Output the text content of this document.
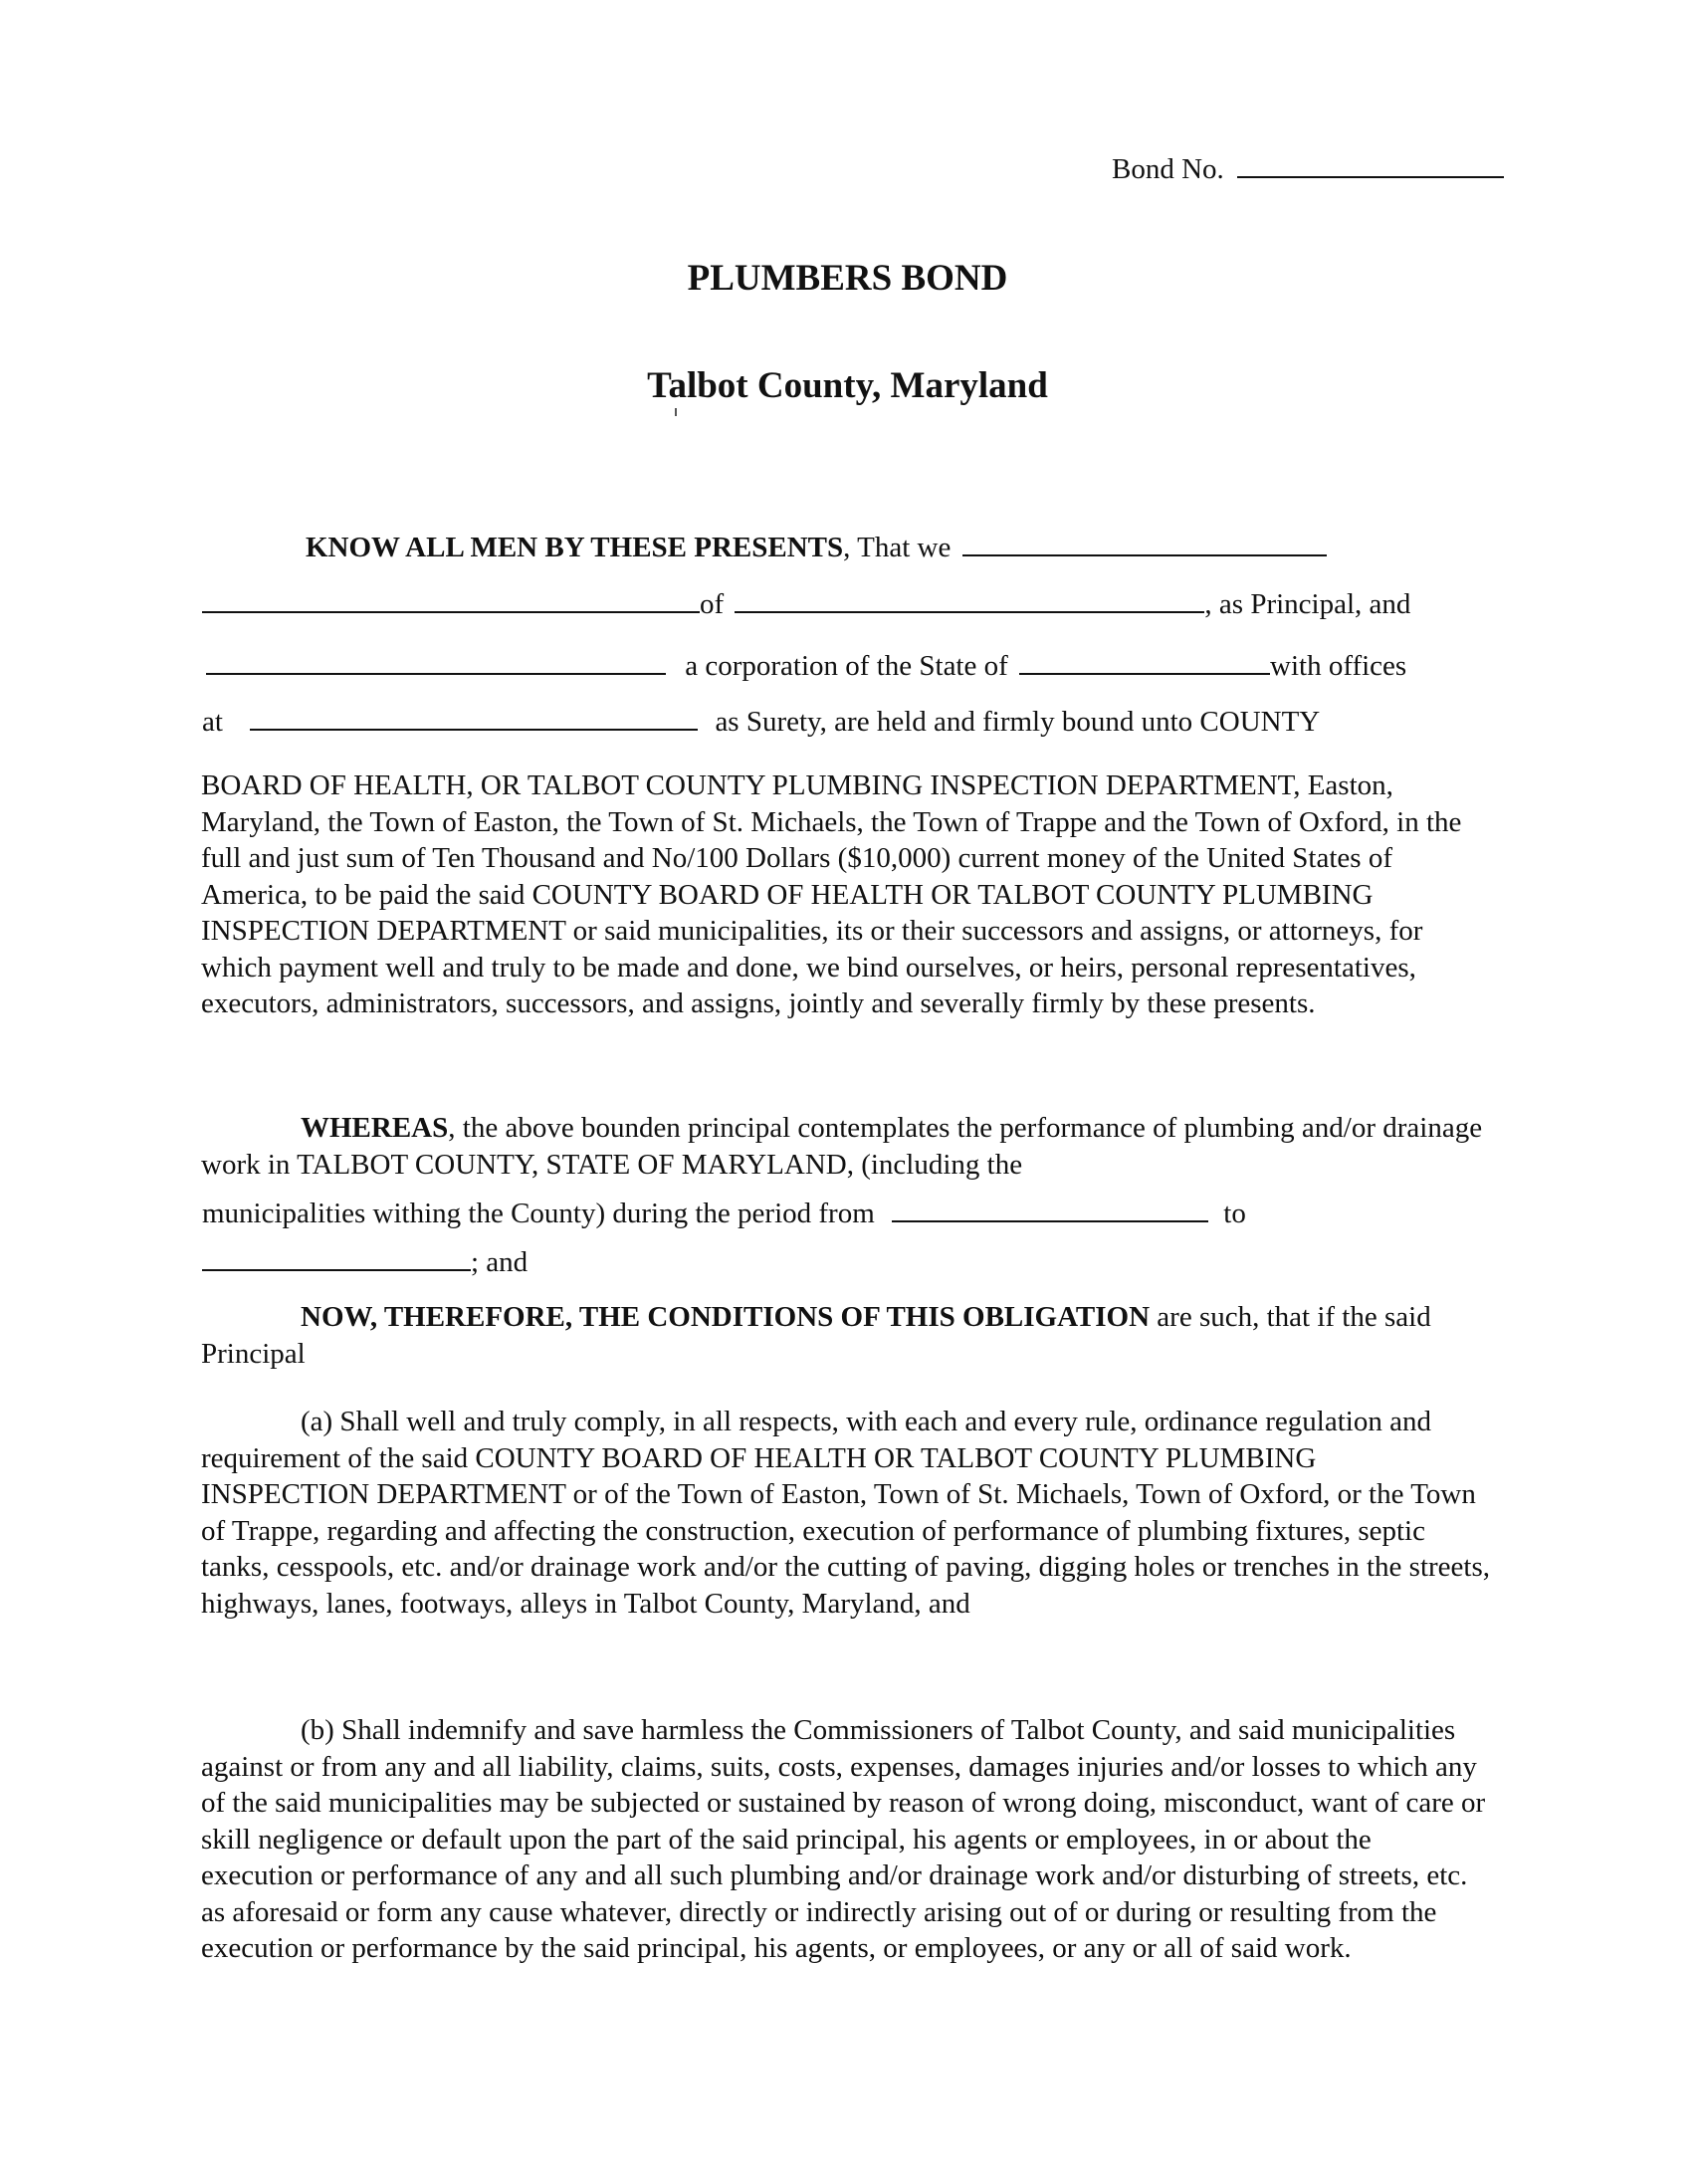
Bond No.
PLUMBERS BOND
Talbot County, Maryland
KNOW ALL MEN BY THESE PRESENTS, That we
of	, as Principal, and
a corporation of the State of	with offices
at	as Surety, are held and firmly bound unto COUNTY

BOARD OF HEALTH, OR TALBOT COUNTY PLUMBING INSPECTION DEPARTMENT, Easton, Maryland, the Town of Easton, the Town of St. Michaels, the Town of Trappe and the Town of Oxford, in the full and just sum of Ten Thousand and No/100 Dollars ($10,000) current money of the United States of America, to be paid the said COUNTY BOARD OF HEALTH OR TALBOT COUNTY PLUMBING INSPECTION DEPARTMENT or said municipalities, its or their successors and assigns, or attorneys, for which payment well and truly to be made and done, we bind ourselves, or heirs, personal representatives, executors, administrators, successors, and assigns, jointly and severally firmly by these presents.

WHEREAS, the above bounden principal contemplates the performance of plumbing and/or drainage work in TALBOT COUNTY, STATE OF MARYLAND, (including the

municipalities withing the County) during the period from	to
; and

NOW, THEREFORE, THE CONDITIONS OF THIS OBLIGATION are such, that if the said Principal

(a) Shall well and truly comply, in all respects, with each and every rule, ordinance regulation and requirement of the said COUNTY BOARD OF HEALTH OR TALBOT COUNTY PLUMBING INSPECTION DEPARTMENT or of the Town of Easton, Town of St. Michaels, Town of Oxford, or the Town of Trappe, regarding and affecting the construction, execution of performance of plumbing fixtures, septic tanks, cesspools, etc. and/or drainage work and/or the cutting of paving, digging holes or trenches in the streets, highways, lanes, footways, alleys in Talbot County, Maryland, and

(b) Shall indemnify and save harmless the Commissioners of Talbot County, and said municipalities against or from any and all liability, claims, suits, costs, expenses, damages injuries and/or losses to which any of the said municipalities may be subjected or sustained by reason of wrong doing, misconduct, want of care or skill negligence or default upon the part of the said principal, his agents or employees, in or about the execution or performance of any and all such plumbing and/or drainage work and/or disturbing of streets, etc. as aforesaid or form any cause whatever, directly or indirectly arising out of or during or resulting from the execution or performance by the said principal, his agents, or employees, or any or all of said work.
